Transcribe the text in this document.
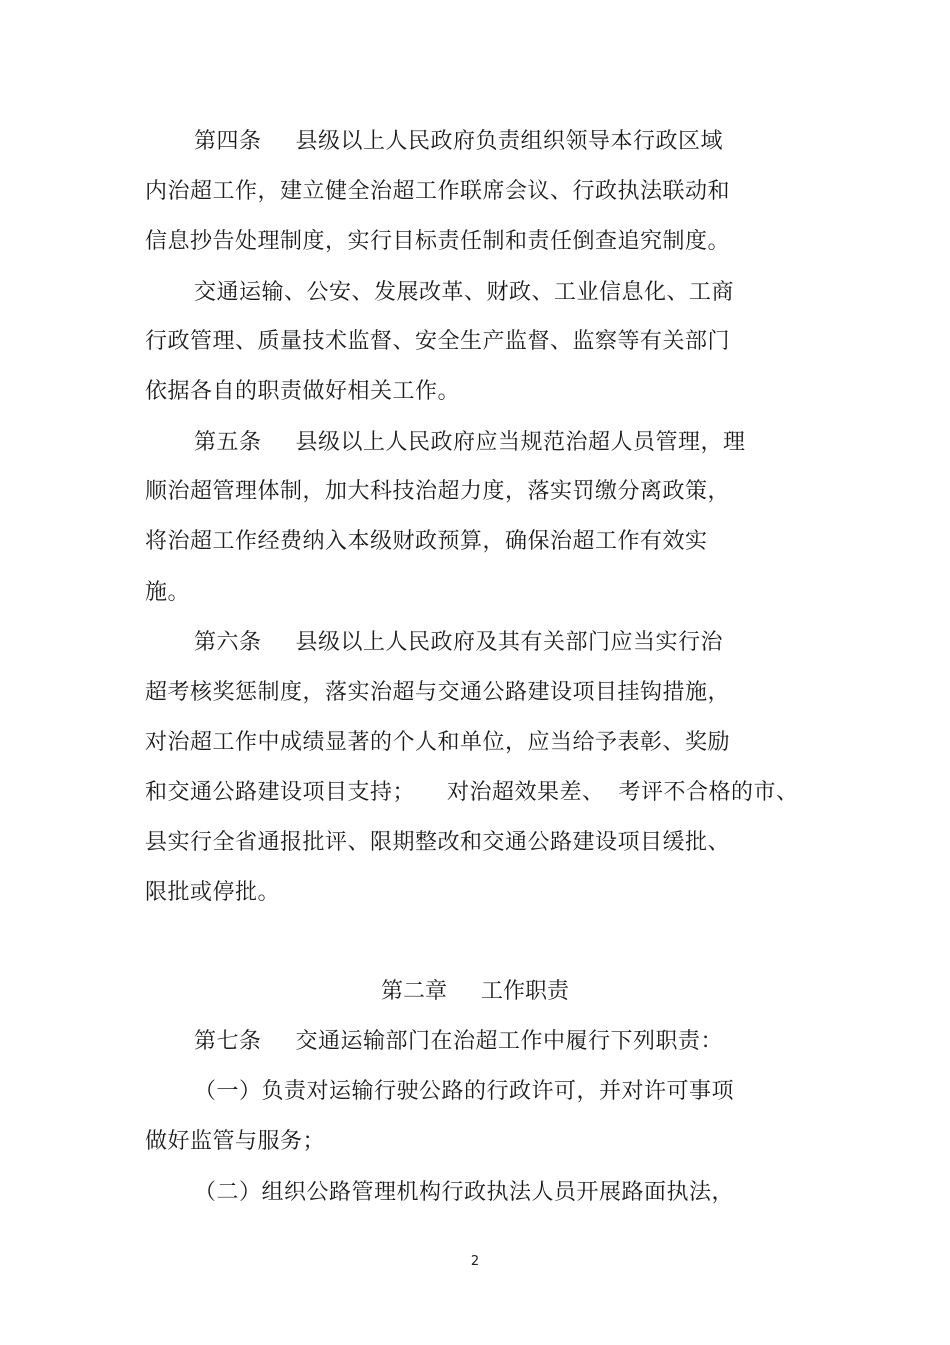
第四条 县级以上人民政府负责组织领导本行政区域
内治超工作，建立健全治超工作联席会议、行政执法联动和
信息抄告处理制度，实行目标责任制和责任倒查追究制度。
交通运输、公安、发展改革、财政、工业信息化、工商
行政管理、质量技术监督、安全生产监督、监察等有关部门
依据各自的职责做好相关工作。
第五条 县级以上人民政府应当规范治超人员管理，理
顺治超管理体制，加大科技治超力度，落实罚缴分离政策，
将治超工作经费纳入本级财政预算，确保治超工作有效实
施。
第六条 县级以上人民政府及其有关部门应当实行治
超考核奖惩制度，落实治超与交通公路建设项目挂钩措施，
对治超工作中成绩显著的个人和单位，应当给予表彰、奖励
和交通公路建设项目支持； 对治超效果差、 考评不合格的市、
县实行全省通报批评、限期整改和交通公路建设项目缓批、
限批或停批。
第二章 工作职责
第七条 交通运输部门在治超工作中履行下列职责：
（一）负责对运输行驶公路的行政许可，并对许可事项
做好监管与服务；
（二）组织公路管理机构行政执法人员开展路面执法，
2
